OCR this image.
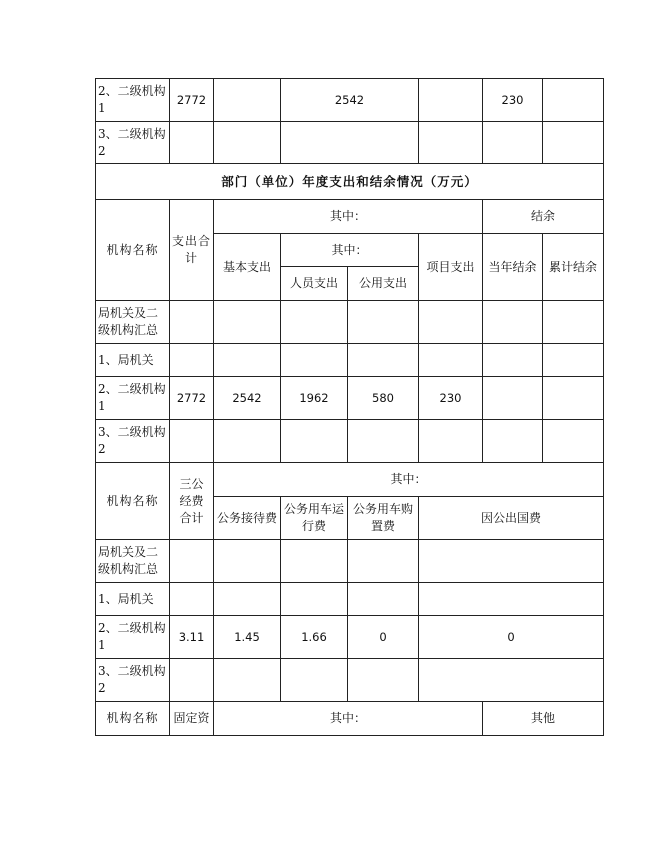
2、二级机构1	2772		2542			230	
3、二级机构2							
部门（单位）年度支出和结余情况（万元）							
机构名称	支出合计	其中：				结余	
		基本支出	其中：		项目支出	当年结余	累计结余
			人员支出	公用支出			
局机关及二级机构汇总							
1、局机关							
2、二级机构1	2772	2542	1962	580	230		
3、二级机构2							
机构名称	三公经费合计	其中：					
		公务接待费	公务用车运行费	公务用车购置费	因公出国费		
局机关及二级机构汇总							
1、局机关							
2、二级机构1	3.11	1.45	1.66	0	0		
3、二级机构2							
机构名称	固定资	其中：				其他	
